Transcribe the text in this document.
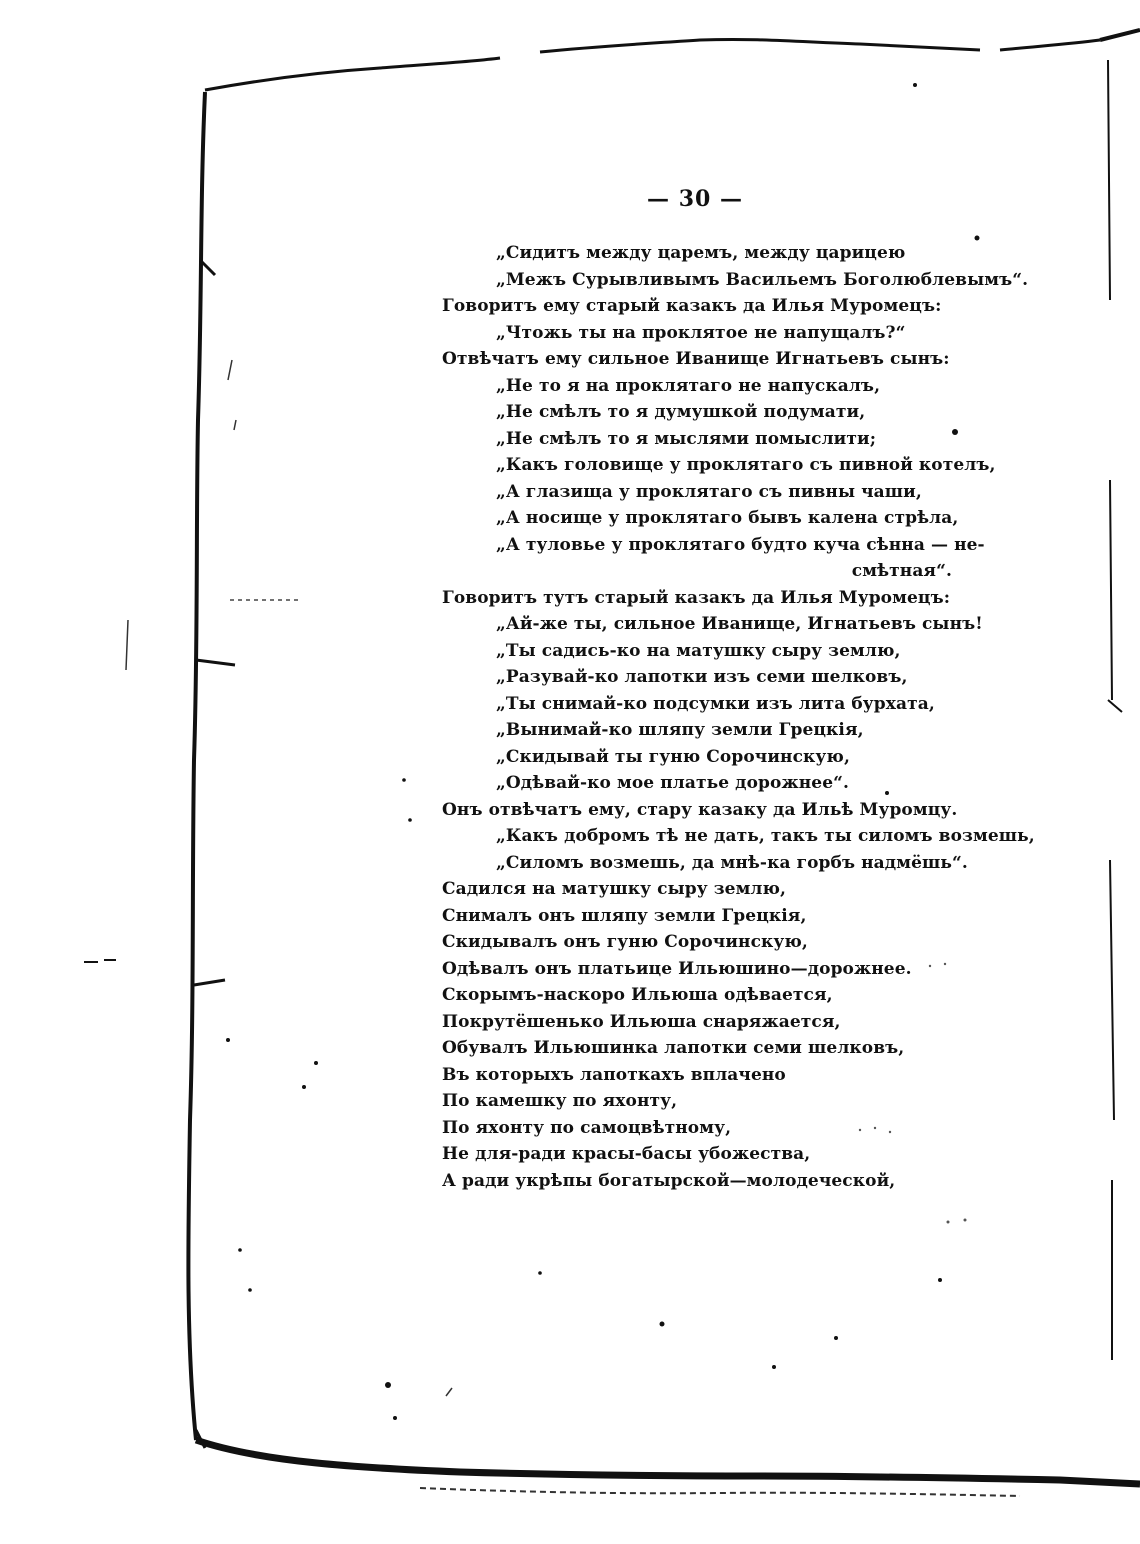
— 30 —
„Сидитъ между царемъ, между царицею
„Межъ Сурывливымъ Васильемъ Боголюблевымъ“.
Говоритъ ему старый казакъ да Илья Муромецъ:
„Чтожь ты на проклятое не напущалъ?“
Отвѣчатъ ему сильное Иванище Игнатьевъ сынъ:
„Не то я на проклятаго не напускалъ,
„Не смѣлъ то я думушкой подумати,
„Не смѣлъ то я мыслями помыслити;
„Какъ головище у проклятаго съ пивной котелъ,
„А глазища у проклятаго съ пивны чаши,
„А носище у проклятаго бывъ калена стрѣла,
„А туловье у проклятаго будто куча сѣнна — не-
смѣтная“.
Говоритъ тутъ старый казакъ да Илья Муромецъ:
„Ай-же ты, сильное Иванище, Игнатьевъ сынъ!
„Ты садись-ко на матушку сыру землю,
„Разувай-ко лапотки изъ семи шелковъ,
„Ты снимай-ко подсумки изъ лита бурхата,
„Вынимай-ко шляпу земли Грецкія,
„Скидывай ты гуню Сорочинскую,
„Одѣвай-ко мое платье дорожнее“.
Онъ отвѣчатъ ему, стару казаку да Ильѣ Муромцу.
„Какъ добромъ тѣ не дать, такъ ты силомъ возмешь,
„Силомъ возмешь, да мнѣ-ка горбъ надмёшь“.
Садился на матушку сыру землю,
Снималъ онъ шляпу земли Грецкія,
Скидывалъ онъ гуню Сорочинскую,
Одѣвалъ онъ платьице Ильюшино—дорожнее.
Скорымъ-наскоро Ильюша одѣвается,
Покрутёшенько Ильюша снаряжается,
Обувалъ Ильюшинка лапотки семи шелковъ,
Въ которыхъ лапоткахъ вплачено
По камешку по яхонту,
По яхонту по самоцвѣтному,
Не для-ради красы-басы убожества,
А ради укрѣпы богатырской—молодеческой,
